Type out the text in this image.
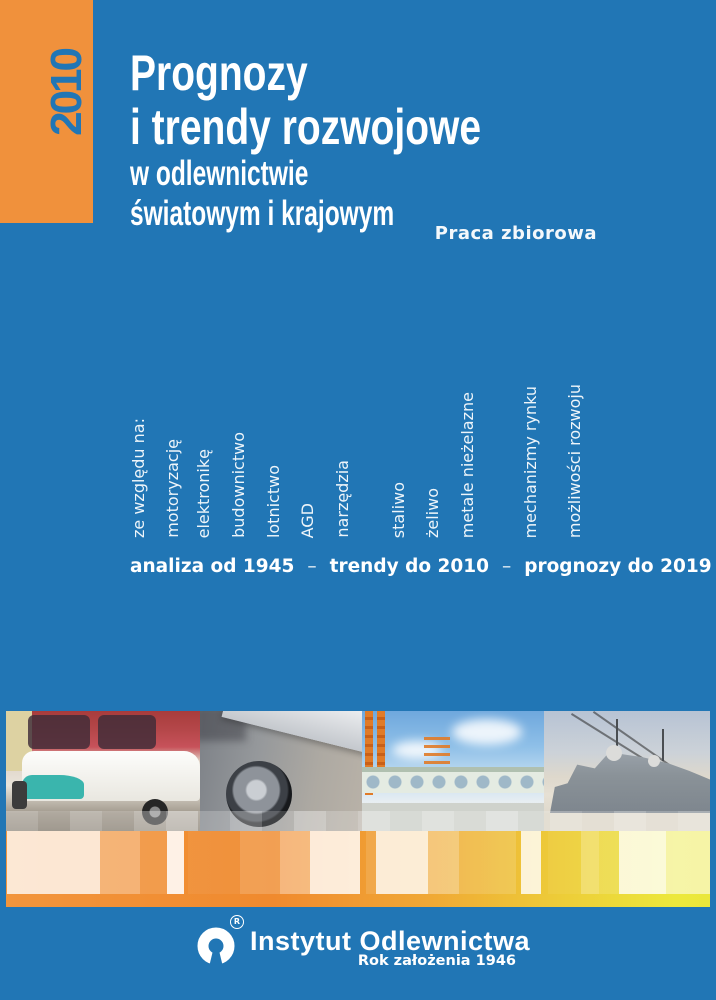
2010 Prognozy
i trendy rozwojowe
w odlewnictwie
światowym i krajowym
Praca zbiorowa
ze względu na: motoryzację elektronikę budownictwo lotnictwo AGD narzędzia staliwo żeliwo metale nieżelazne	mechanizmy rynku możliwości rozwoju
analiza od 1945 – trendy do 2010 – prognozy do 2019
R
Instytut Odlewnictwa
Rok założenia 1946
